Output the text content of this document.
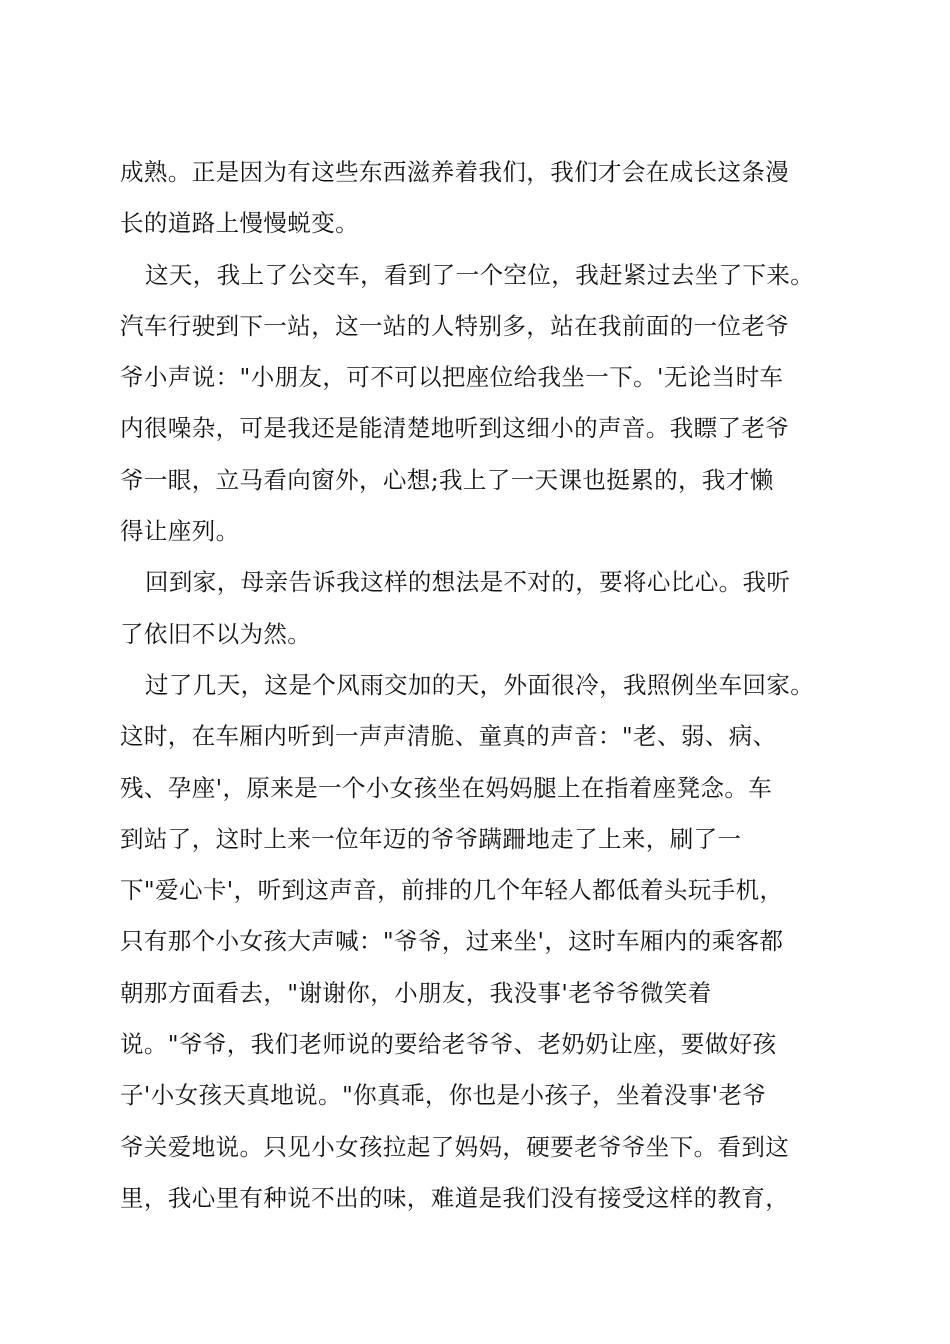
成熟。正是因为有这些东西滋养着我们，我们才会在成长这条漫
长的道路上慢慢蜕变。
这天，我上了公交车，看到了一个空位，我赶紧过去坐了下来。
汽车行驶到下一站，这一站的人特别多，站在我前面的一位老爷
爷小声说："小朋友，可不可以把座位给我坐一下。'无论当时车
内很噪杂，可是我还是能清楚地听到这细小的声音。我瞟了老爷
爷一眼，立马看向窗外，心想;我上了一天课也挺累的，我才懒
得让座列。
回到家，母亲告诉我这样的想法是不对的，要将心比心。我听
了依旧不以为然。
过了几天，这是个风雨交加的天，外面很冷，我照例坐车回家。
这时，在车厢内听到一声声清脆、童真的声音："老、弱、病、
残、孕座'，原来是一个小女孩坐在妈妈腿上在指着座凳念。车
到站了，这时上来一位年迈的爷爷蹒跚地走了上来，刷了一
下"爱心卡'，听到这声音，前排的几个年轻人都低着头玩手机，
只有那个小女孩大声喊："爷爷，过来坐'，这时车厢内的乘客都
朝那方面看去，"谢谢你，小朋友，我没事'老爷爷微笑着
说。"爷爷，我们老师说的要给老爷爷、老奶奶让座，要做好孩
子'小女孩天真地说。"你真乖，你也是小孩子，坐着没事'老爷
爷关爱地说。只见小女孩拉起了妈妈，硬要老爷爷坐下。看到这
里，我心里有种说不出的味，难道是我们没有接受这样的教育，
